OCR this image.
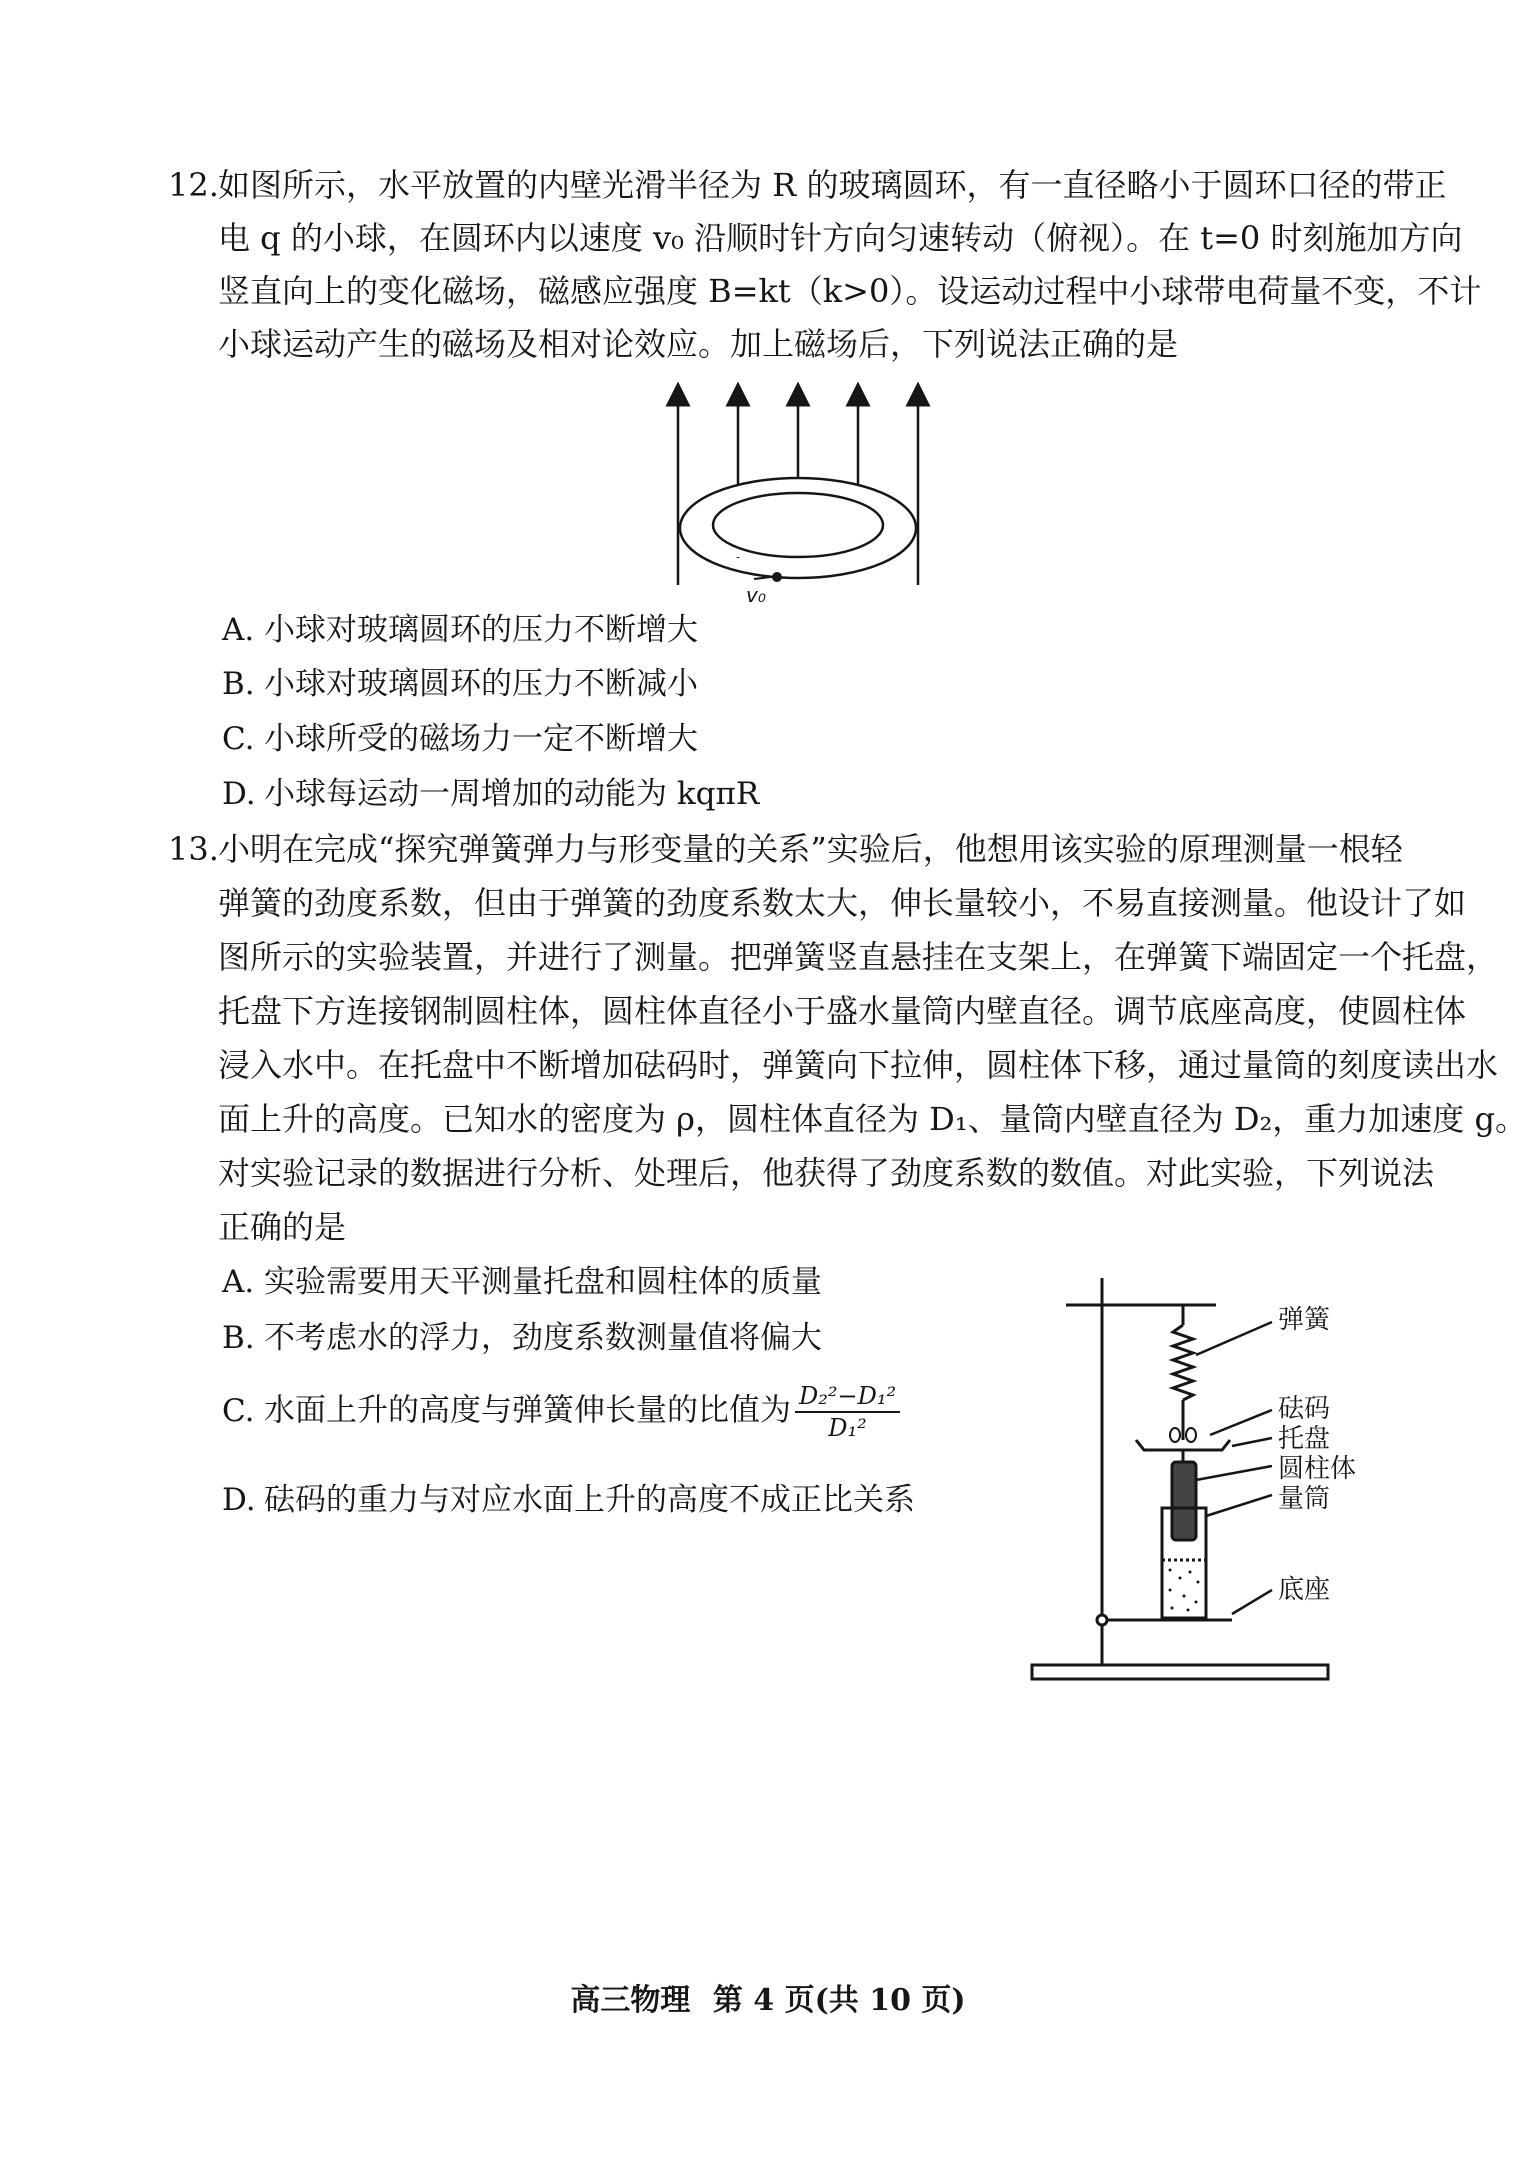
12. 如图所示，水平放置的内壁光滑半径为 R 的玻璃圆环，有一直径略小于圆环口径的带正
电 q 的小球，在圆环内以速度 v₀ 沿顺时针方向匀速转动（俯视）。在 t=0 时刻施加方向
竖直向上的变化磁场，磁感应强度 B=kt（k>0）。设运动过程中小球带电荷量不变，不计
小球运动产生的磁场及相对论效应。加上磁场后，下列说法正确的是
v₀
A. 小球对玻璃圆环的压力不断增大
B. 小球对玻璃圆环的压力不断减小
C. 小球所受的磁场力一定不断增大
D. 小球每运动一周增加的动能为 kqπR
13. 小明在完成“探究弹簧弹力与形变量的关系”实验后，他想用该实验的原理测量一根轻
弹簧的劲度系数，但由于弹簧的劲度系数太大，伸长量较小，不易直接测量。他设计了如
图所示的实验装置，并进行了测量。把弹簧竖直悬挂在支架上，在弹簧下端固定一个托盘，
托盘下方连接钢制圆柱体，圆柱体直径小于盛水量筒内壁直径。调节底座高度，使圆柱体
浸入水中。在托盘中不断增加砝码时，弹簧向下拉伸，圆柱体下移，通过量筒的刻度读出水
面上升的高度。已知水的密度为 ρ，圆柱体直径为 D₁、量筒内壁直径为 D₂，重力加速度 g。
对实验记录的数据进行分析、处理后，他获得了劲度系数的数值。对此实验，下列说法
正确的是
A. 实验需要用天平测量托盘和圆柱体的质量
B. 不考虑水的浮力，劲度系数测量值将偏大
C. 水面上升的高度与弹簧伸长量的比值为 $\frac{\text{D₂²−D₁²}}{\text{D₁²}}$
D. 砝码的重力与对应水面上升的高度不成正比关系
弹簧
砝码
托盘
圆柱体
量筒
底座
高三物理 第 4 页(共 10 页)
